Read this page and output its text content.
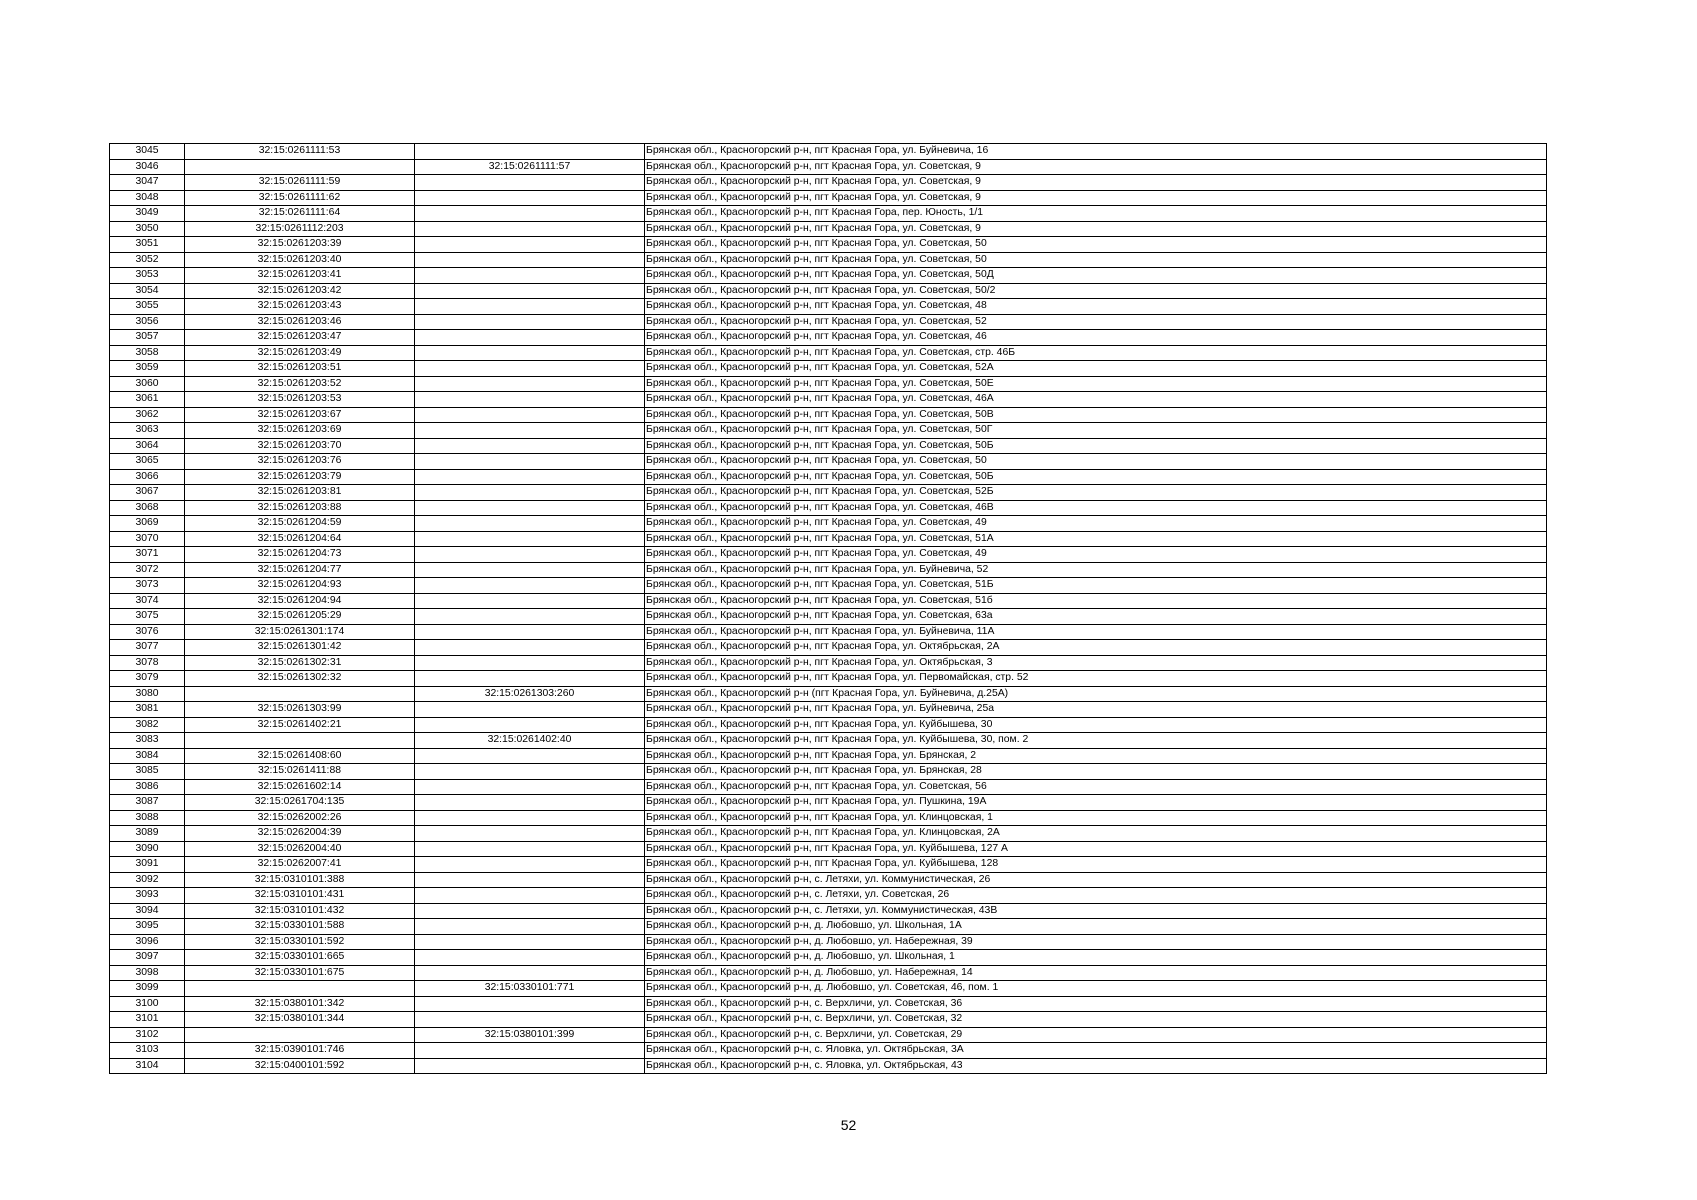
3045	32:15:0261111:53		Брянская обл., Красногорский р-н, пгт Красная Гора, ул. Буйневича, 16
3046		32:15:0261111:57	Брянская обл., Красногорский р-н, пгт Красная Гора, ул. Советская, 9
3047	32:15:0261111:59		Брянская обл., Красногорский р-н, пгт Красная Гора, ул. Советская, 9
3048	32:15:0261111:62		Брянская обл., Красногорский р-н, пгт Красная Гора, ул. Советская, 9
3049	32:15:0261111:64		Брянская обл., Красногорский р-н, пгт Красная Гора, пер. Юность, 1/1
3050	32:15:0261112:203		Брянская обл., Красногорский р-н, пгт Красная Гора, ул. Советская, 9
3051	32:15:0261203:39		Брянская обл., Красногорский р-н, пгт Красная Гора, ул. Советская, 50
3052	32:15:0261203:40		Брянская обл., Красногорский р-н, пгт Красная Гора, ул. Советская, 50
3053	32:15:0261203:41		Брянская обл., Красногорский р-н, пгт Красная Гора, ул. Советская, 50Д
3054	32:15:0261203:42		Брянская обл., Красногорский р-н, пгт Красная Гора, ул. Советская, 50/2
3055	32:15:0261203:43		Брянская обл., Красногорский р-н, пгт Красная Гора, ул. Советская, 48
3056	32:15:0261203:46		Брянская обл., Красногорский р-н, пгт Красная Гора, ул. Советская, 52
3057	32:15:0261203:47		Брянская обл., Красногорский р-н, пгт Красная Гора, ул. Советская, 46
3058	32:15:0261203:49		Брянская обл., Красногорский р-н, пгт Красная Гора, ул. Советская, стр. 46Б
3059	32:15:0261203:51		Брянская обл., Красногорский р-н, пгт Красная Гора, ул. Советская, 52А
3060	32:15:0261203:52		Брянская обл., Красногорский р-н, пгт Красная Гора, ул. Советская, 50Е
3061	32:15:0261203:53		Брянская обл., Красногорский р-н, пгт Красная Гора, ул. Советская, 46А
3062	32:15:0261203:67		Брянская обл., Красногорский р-н, пгт Красная Гора, ул. Советская, 50В
3063	32:15:0261203:69		Брянская обл., Красногорский р-н, пгт Красная Гора, ул. Советская, 50Г
3064	32:15:0261203:70		Брянская обл., Красногорский р-н, пгт Красная Гора, ул. Советская, 50Б
3065	32:15:0261203:76		Брянская обл., Красногорский р-н, пгт Красная Гора, ул. Советская, 50
3066	32:15:0261203:79		Брянская обл., Красногорский р-н, пгт Красная Гора, ул. Советская, 50Б
3067	32:15:0261203:81		Брянская обл., Красногорский р-н, пгт Красная Гора, ул. Советская, 52Б
3068	32:15:0261203:88		Брянская обл., Красногорский р-н, пгт Красная Гора, ул. Советская, 46В
3069	32:15:0261204:59		Брянская обл., Красногорский р-н, пгт Красная Гора, ул. Советская, 49
3070	32:15:0261204:64		Брянская обл., Красногорский р-н, пгт Красная Гора, ул. Советская, 51А
3071	32:15:0261204:73		Брянская обл., Красногорский р-н, пгт Красная Гора, ул. Советская, 49
3072	32:15:0261204:77		Брянская обл., Красногорский р-н, пгт Красная Гора, ул. Буйневича, 52
3073	32:15:0261204:93		Брянская обл., Красногорский р-н, пгт Красная Гора, ул. Советская, 51Б
3074	32:15:0261204:94		Брянская обл., Красногорский р-н, пгт Красная Гора, ул. Советская, 51б
3075	32:15:0261205:29		Брянская обл., Красногорский р-н, пгт Красная Гора, ул. Советская, 63а
3076	32:15:0261301:174		Брянская обл., Красногорский р-н, пгт Красная Гора, ул. Буйневича, 11А
3077	32:15:0261301:42		Брянская обл., Красногорский р-н, пгт Красная Гора, ул. Октябрьская, 2А
3078	32:15:0261302:31		Брянская обл., Красногорский р-н, пгт Красная Гора, ул. Октябрьская, 3
3079	32:15:0261302:32		Брянская обл., Красногорский р-н, пгт Красная Гора, ул. Первомайская, стр. 52
3080		32:15:0261303:260	Брянская обл., Красногорский р-н (пгт Красная Гора, ул. Буйневича, д.25А)
3081	32:15:0261303:99		Брянская обл., Красногорский р-н, пгт Красная Гора, ул. Буйневича, 25а
3082	32:15:0261402:21		Брянская обл., Красногорский р-н, пгт Красная Гора, ул. Куйбышева, 30
3083		32:15:0261402:40	Брянская обл., Красногорский р-н, пгт Красная Гора, ул. Куйбышева, 30, пом. 2
3084	32:15:0261408:60		Брянская обл., Красногорский р-н, пгт Красная Гора, ул. Брянская, 2
3085	32:15:0261411:88		Брянская обл., Красногорский р-н, пгт Красная Гора, ул. Брянская, 28
3086	32:15:0261602:14		Брянская обл., Красногорский р-н, пгт Красная Гора, ул. Советская, 56
3087	32:15:0261704:135		Брянская обл., Красногорский р-н, пгт Красная Гора, ул. Пушкина, 19А
3088	32:15:0262002:26		Брянская обл., Красногорский р-н, пгт Красная Гора, ул. Клинцовская, 1
3089	32:15:0262004:39		Брянская обл., Красногорский р-н, пгт Красная Гора, ул. Клинцовская, 2А
3090	32:15:0262004:40		Брянская обл., Красногорский р-н, пгт Красная Гора, ул. Куйбышева, 127 А
3091	32:15:0262007:41		Брянская обл., Красногорский р-н, пгт Красная Гора, ул. Куйбышева, 128
3092	32:15:0310101:388		Брянская обл., Красногорский р-н, с. Летяхи, ул. Коммунистическая, 26
3093	32:15:0310101:431		Брянская обл., Красногорский р-н, с. Летяхи, ул. Советская, 26
3094	32:15:0310101:432		Брянская обл., Красногорский р-н, с. Летяхи, ул. Коммунистическая, 43В
3095	32:15:0330101:588		Брянская обл., Красногорский р-н, д. Любовшо, ул. Школьная, 1А
3096	32:15:0330101:592		Брянская обл., Красногорский р-н, д. Любовшо, ул. Набережная, 39
3097	32:15:0330101:665		Брянская обл., Красногорский р-н, д. Любовшо, ул. Школьная, 1
3098	32:15:0330101:675		Брянская обл., Красногорский р-н, д. Любовшо, ул. Набережная, 14
3099		32:15:0330101:771	Брянская обл., Красногорский р-н, д. Любовшо, ул. Советская, 46, пом. 1
3100	32:15:0380101:342		Брянская обл., Красногорский р-н, с. Верхличи, ул. Советская, 36
3101	32:15:0380101:344		Брянская обл., Красногорский р-н, с. Верхличи, ул. Советская, 32
3102		32:15:0380101:399	Брянская обл., Красногорский р-н, с. Верхличи, ул. Советская, 29
3103	32:15:0390101:746		Брянская обл., Красногорский р-н, с. Яловка, ул. Октябрьская, 3А
3104	32:15:0400101:592		Брянская обл., Красногорский р-н, с. Яловка, ул. Октябрьская, 43
52
